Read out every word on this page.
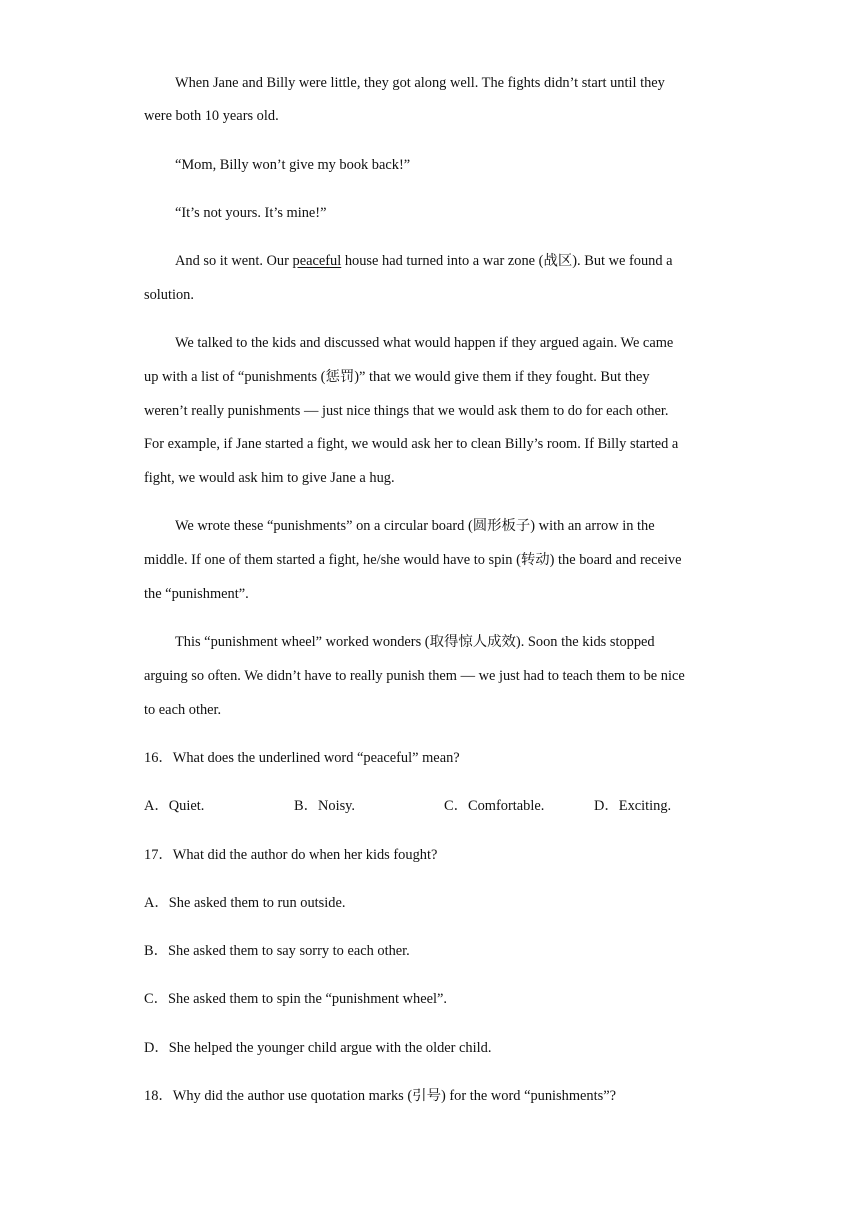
When Jane and Billy were little, they got along well. The fights didn’t start until they
were both 10 years old.
“Mom, Billy won’t give my book back!”
“It’s not yours. It’s mine!”
And so it went. Our peaceful house had turned into a war zone (战区). But we found a
solution.
We talked to the kids and discussed what would happen if they argued again. We came
up with a list of “punishments (惩罚)” that we would give them if they fought. But they
weren’t really punishments — just nice things that we would ask them to do for each other.
For example, if Jane started a fight, we would ask her to clean Billy’s room. If Billy started a
fight, we would ask him to give Jane a hug.
We wrote these “punishments” on a circular board (圆形板子) with an arrow in the
middle. If one of them started a fight, he/she would have to spin (转动) the board and receive
the “punishment”.
This “punishment wheel” worked wonders (取得惊人成效). Soon the kids stopped
arguing so often. We didn’t have to really punish them — we just had to teach them to be nice
to each other.
16．What does the underlined word “peaceful” mean?
A．Quiet.	B．Noisy.	C．Comfortable.	D．Exciting.
17．What did the author do when her kids fought?
A．She asked them to run outside.
B．She asked them to say sorry to each other.
C．She asked them to spin the “punishment wheel”.
D．She helped the younger child argue with the older child.
18．Why did the author use quotation marks (引号) for the word “punishments”?
